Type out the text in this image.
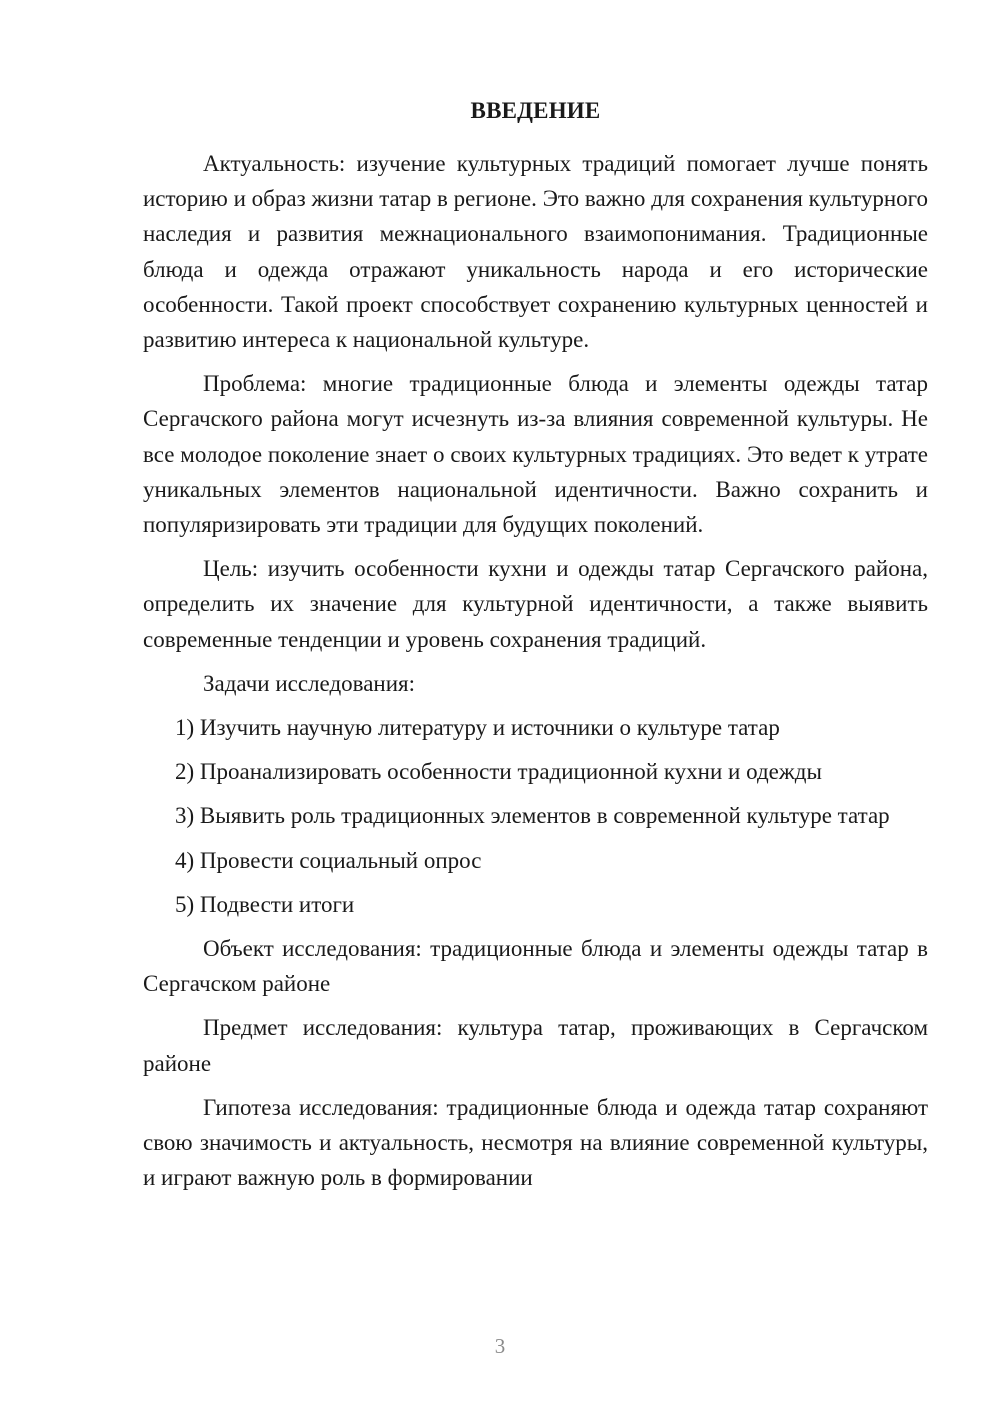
ВВЕДЕНИЕ

Актуальность: изучение культурных традиций помогает лучше понять историю и образ жизни татар в регионе. Это важно для сохранения культурного наследия и развития межнационального взаимопонимания. Традиционные блюда и одежда отражают уникальность народа и его исторические особенности. Такой проект способствует сохранению культурных ценностей и развитию интереса к национальной культуре.

Проблема: многие традиционные блюда и элементы одежды татар Сергачского района могут исчезнуть из-за влияния современной культуры. Не все молодое поколение знает о своих культурных традициях. Это ведет к утрате уникальных элементов национальной идентичности. Важно сохранить и популяризировать эти традиции для будущих поколений.

Цель: изучить особенности кухни и одежды татар Сергачского района, определить их значение для культурной идентичности, а также выявить современные тенденции и уровень сохранения традиций.

Задачи исследования:

1) Изучить научную литературу и источники о культуре татар

2) Проанализировать особенности традиционной кухни и одежды

3) Выявить роль традиционных элементов в современной культуре татар

4) Провести социальный опрос

5) Подвести итоги

Объект исследования: традиционные блюда и элементы одежды татар в Сергачском районе

Предмет исследования: культура татар, проживающих в Сергачском районе

Гипотеза исследования: традиционные блюда и одежда татар сохраняют свою значимость и актуальность, несмотря на влияние современной культуры, и играют важную роль в формировании

3
